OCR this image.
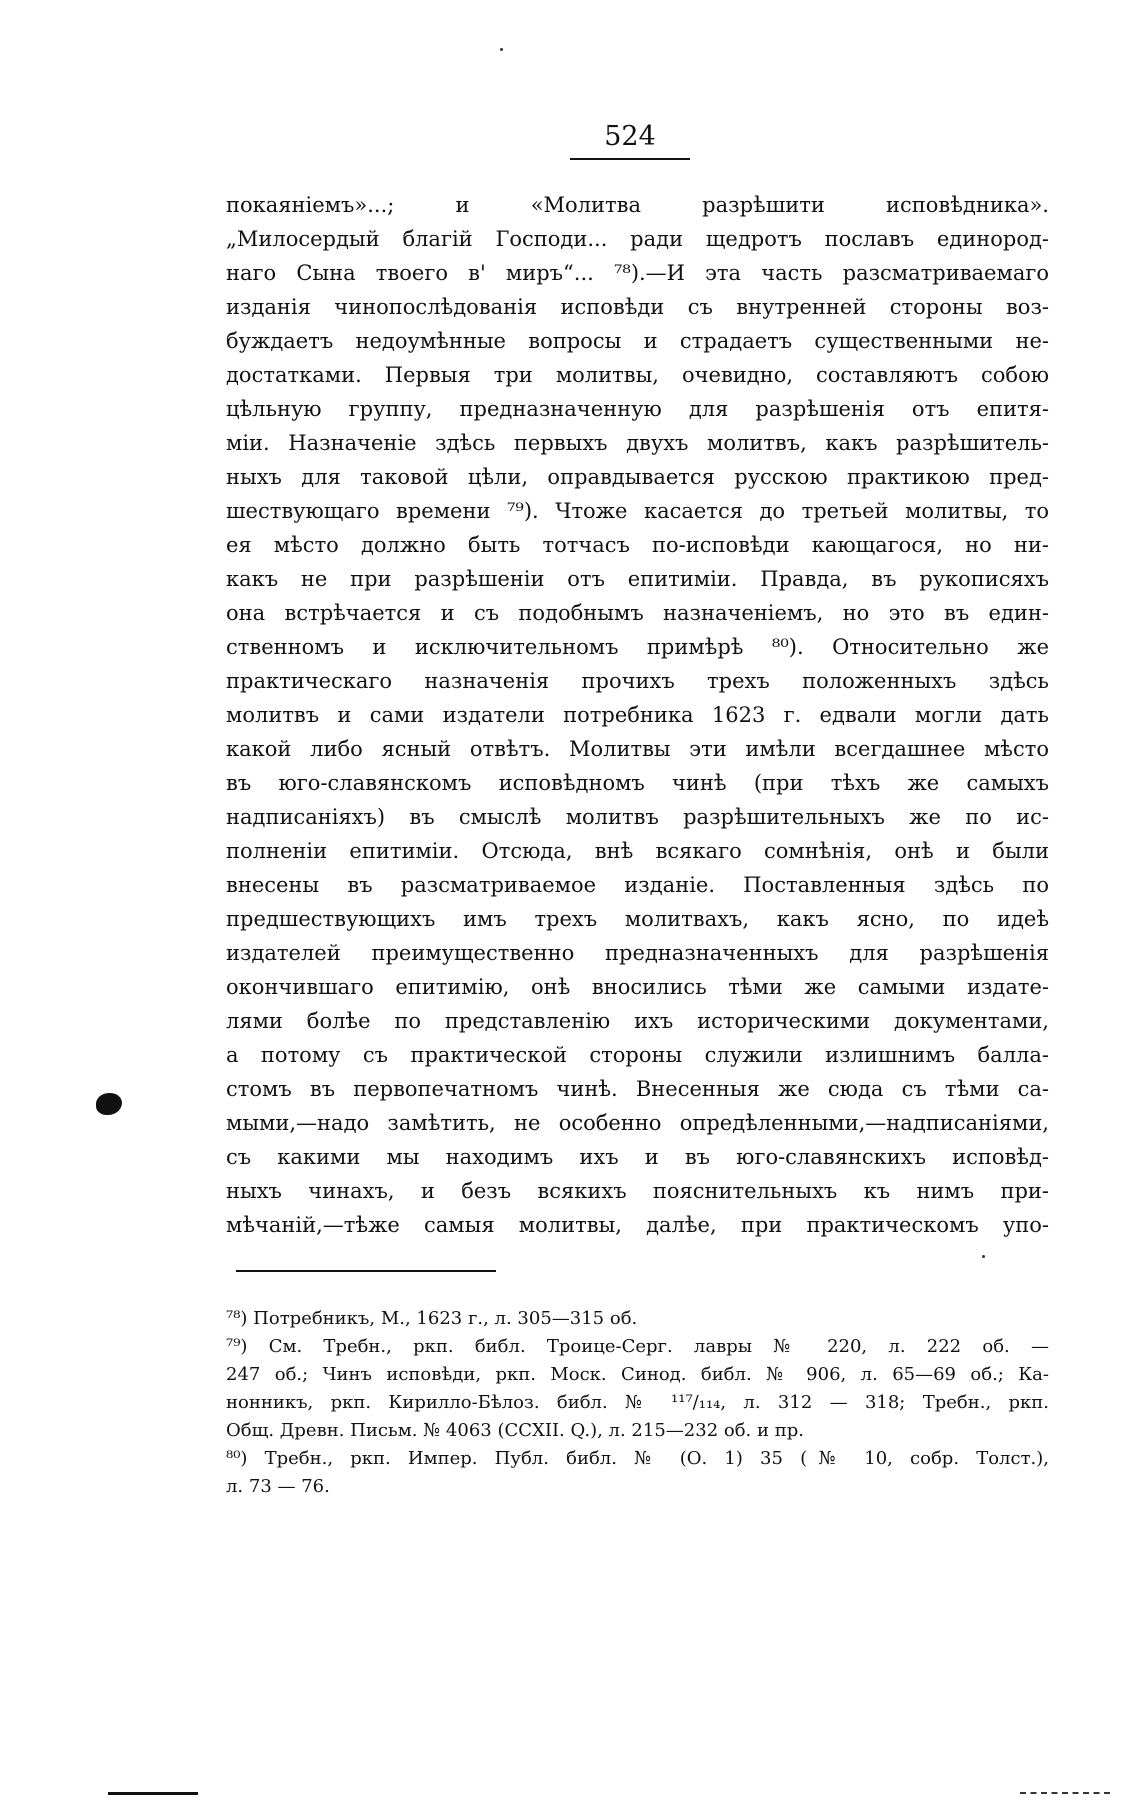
524
покаяніемъ»...; и «Молитва разрѣшити исповѣдника».
„Милосердый благій Господи... ради щедротъ пославъ единород-
наго Сына твоего в' миръ“... ⁷⁸).—И эта часть разсматриваемаго
изданія чинопослѣдованія исповѣди съ внутренней стороны воз-
буждаетъ недоумѣнные вопросы и страдаетъ существенными не-
достатками. Первыя три молитвы, очевидно, составляютъ собою
цѣльную группу, предназначенную для разрѣшенія отъ епитя-
міи. Назначеніе здѣсь первыхъ двухъ молитвъ, какъ разрѣшитель-
ныхъ для таковой цѣли, оправдывается русскою практикою пред-
шествующаго времени ⁷⁹). Чтоже касается до третьей молитвы, то
ея мѣсто должно быть тотчасъ по-исповѣди кающагося, но ни-
какъ не при разрѣшеніи отъ епитиміи. Правда, въ рукописяхъ
она встрѣчается и съ подобнымъ назначеніемъ, но это въ един-
ственномъ и исключительномъ примѣрѣ ⁸⁰). Относительно же
практическаго назначенія прочихъ трехъ положенныхъ здѣсь
молитвъ и сами издатели потребника 1623 г. едвали могли дать
какой либо ясный отвѣтъ. Молитвы эти имѣли всегдашнее мѣсто
въ юго-славянскомъ исповѣдномъ чинѣ (при тѣхъ же самыхъ
надписаніяхъ) въ смыслѣ молитвъ разрѣшительныхъ же по ис-
полненіи епитиміи. Отсюда, внѣ всякаго сомнѣнія, онѣ и были
внесены въ разсматриваемое изданіе. Поставленныя здѣсь по
предшествующихъ имъ трехъ молитвахъ, какъ ясно, по идеѣ
издателей преимущественно предназначенныхъ для разрѣшенія
окончившаго епитимію, онѣ вносились тѣми же самыми издате-
лями болѣе по представленію ихъ историческими документами,
а потому съ практической стороны служили излишнимъ балла-
стомъ въ первопечатномъ чинѣ. Внесенныя же сюда съ тѣми са-
мыми,—надо замѣтить, не особенно опредѣленными,—надписаніями,
съ какими мы находимъ ихъ и въ юго-славянскихъ исповѣд-
ныхъ чинахъ, и безъ всякихъ пояснительныхъ къ нимъ при-
мѣчаній,—тѣже самыя молитвы, далѣе, при практическомъ упо-
⁷⁸) Потребникъ, М., 1623 г., л. 305—315 об.
⁷⁹) См. Требн., ркп. библ. Троице-Серг. лавры № 220, л. 222 об. —
247 об.; Чинъ исповѣди, ркп. Моск. Синод. библ. № 906, л. 65—69 об.; Ка-
нонникъ, ркп. Кирилло-Бѣлоз. библ. № ¹¹⁷/₁₁₄, л. 312 — 318; Требн., ркп.
Общ. Древн. Письм. № 4063 (CCXII. Q.), л. 215—232 об. и пр.
⁸⁰) Требн., ркп. Импер. Публ. библ. № (О. 1) 35 (№ 10, собр. Толст.),
л. 73 — 76.
